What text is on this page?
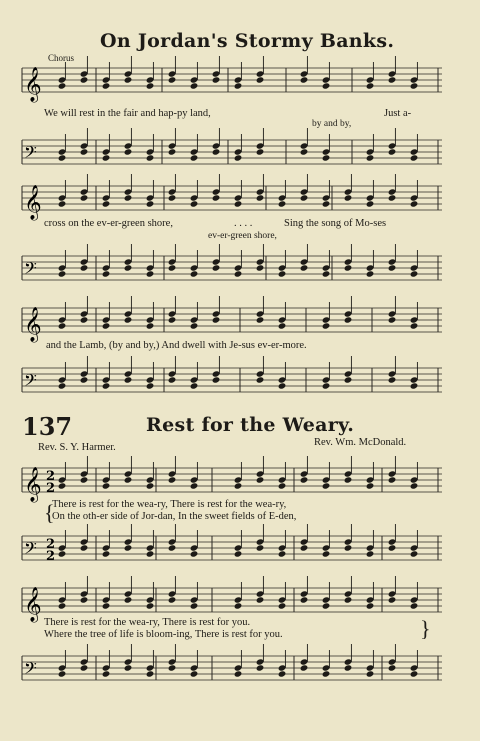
𝄞
𝄢
𝄞
𝄢
𝄞
𝄢
𝄞
𝄢
𝄞
𝄢
2
2
2
2
On Jordan's Stormy Banks.
Chorus
We will rest in the fair and hap-py land,	Just a-
by and by,
cross on the ev-er-green shore,	. . . .	Sing the song of Mo-ses
ev-er-green shore,
and the Lamb, (by and by,) And dwell with Je-sus ev-er-more.
137	Rest for the Weary.
Rev. S. Y. Harmer.	Rev. Wm. McDonald.
{
There is rest for the wea-ry, There is rest for the wea-ry,
On the oth-er side of Jor-dan, In the sweet fields of E-den,
There is rest for the wea-ry, There is rest for you.
Where the tree of life is bloom-ing, There is rest for you.	}
